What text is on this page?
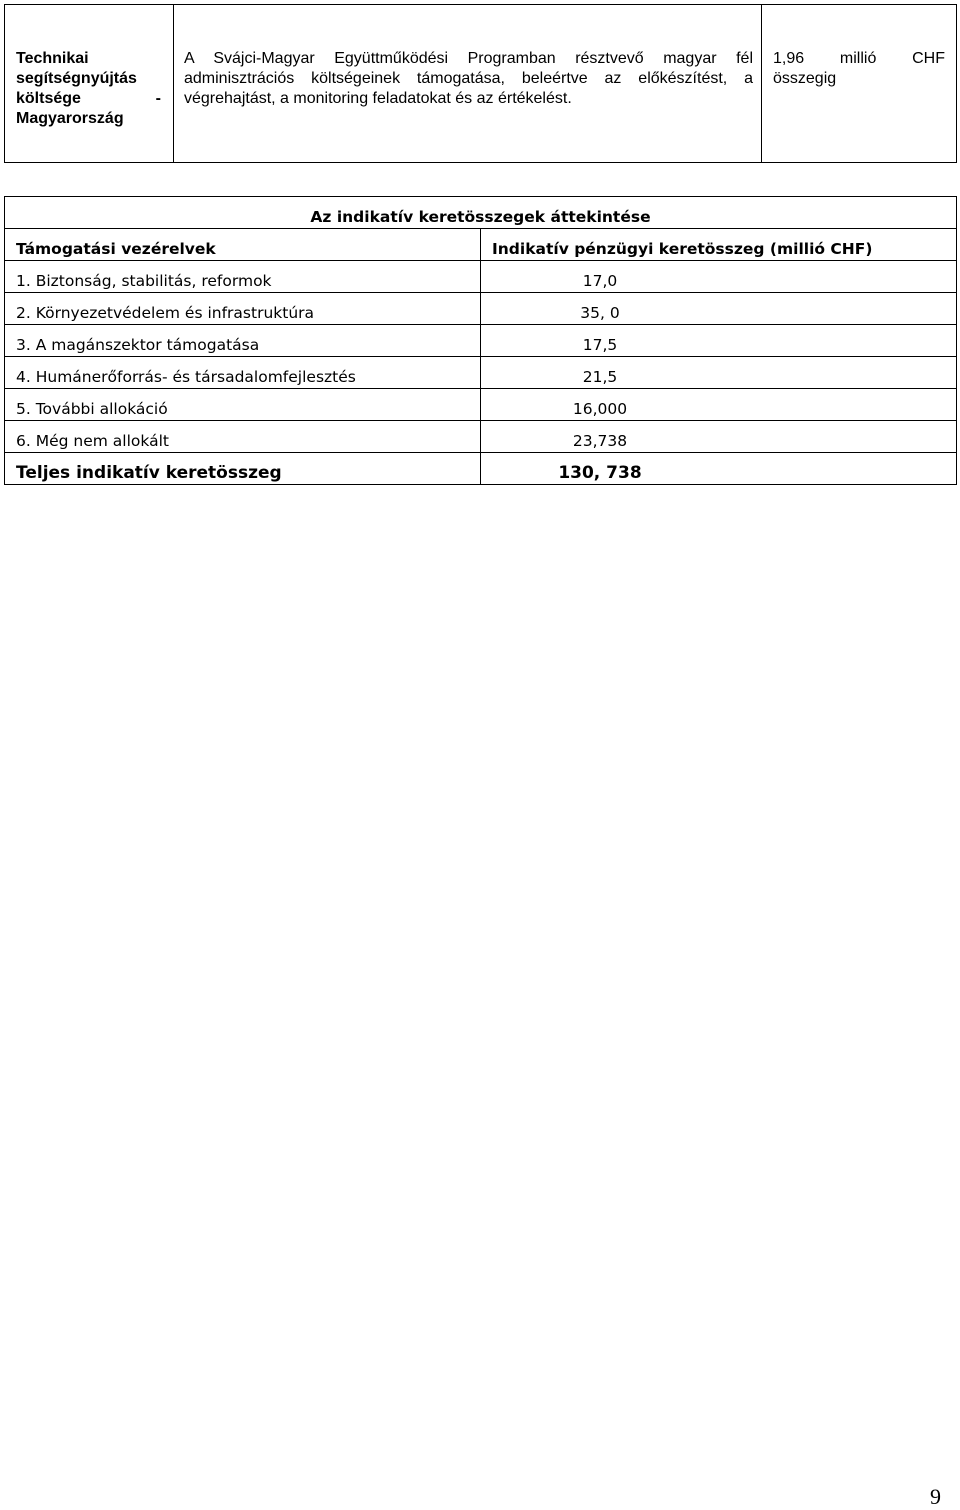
Technikai
segítségnyújtás
költsége	-
Magyarország

A Svájci-Magyar Együttműködési Programban résztvevő magyar fél adminisztrációs költségeinek támogatása, beleértve az előkészítést, a végrehajtást, a monitoring feladatokat és az értékelést.

1,96 millió CHF
összegig
Az indikatív keretösszegek áttekintése	
Támogatási vezérelvek	Indikatív pénzügyi keretösszeg (millió CHF)
1. Biztonság, stabilitás, reformok	17,0
2. Környezetvédelem és infrastruktúra	35, 0
3. A magánszektor támogatása	17,5
4. Humánerőforrás- és társadalomfejlesztés	21,5
5. További allokáció	16,000
6. Még nem allokált	23,738
Teljes indikatív keretösszeg	130, 738
9
